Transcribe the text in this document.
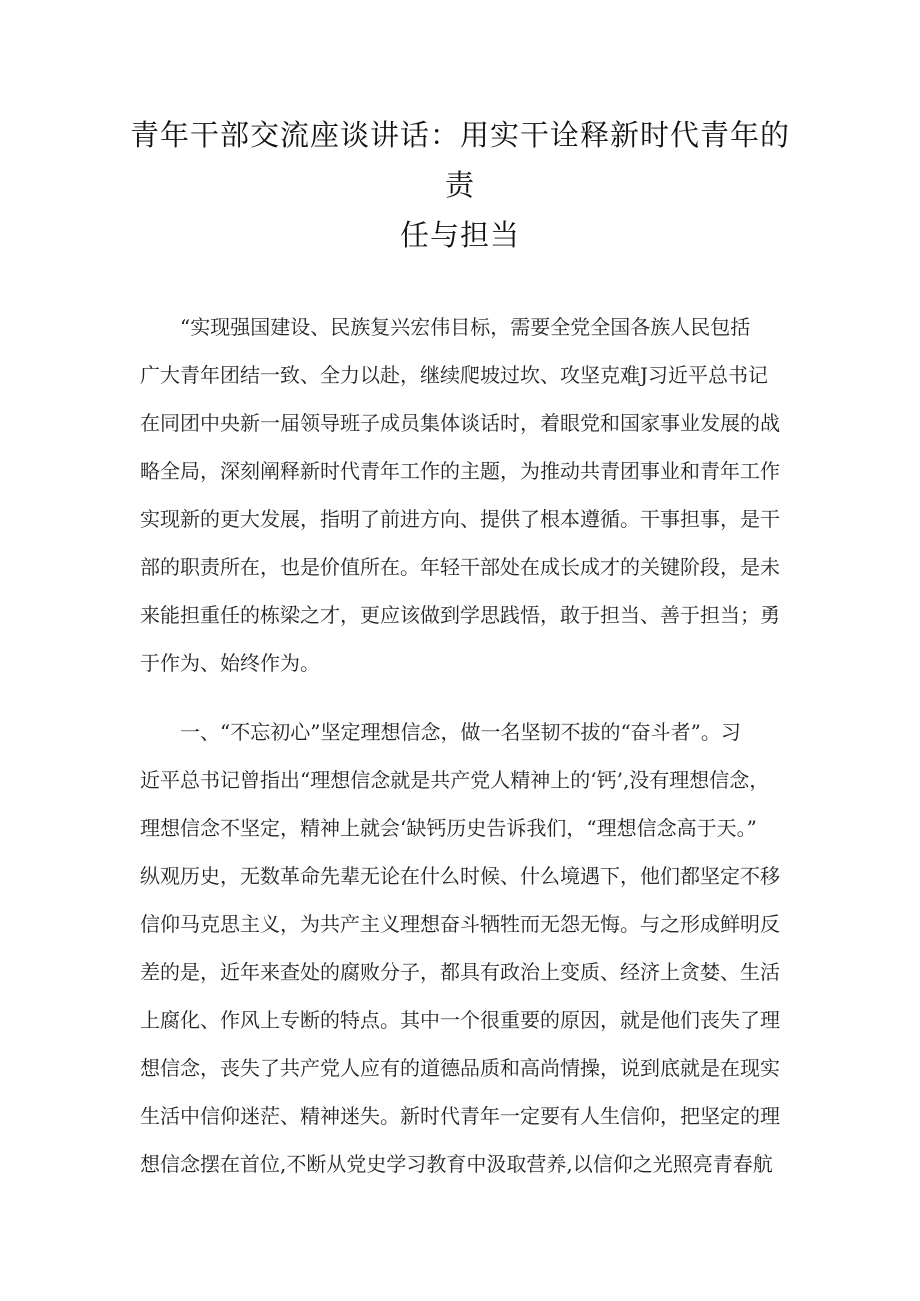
青年干部交流座谈讲话：用实干诠释新时代青年的责
任与担当
“实现强国建设、民族复兴宏伟目标，需要全党全国各族人民包括
广大青年团结一致、全力以赴，继续爬坡过坎、攻坚克难J习近平总书记
在同团中央新一届领导班子成员集体谈话时，着眼党和国家事业发展的战
略全局，深刻阐释新时代青年工作的主题，为推动共青团事业和青年工作
实现新的更大发展，指明了前进方向、提供了根本遵循。干事担事，是干
部的职责所在，也是价值所在。年轻干部处在成长成才的关键阶段，是未
来能担重任的栋梁之才，更应该做到学思践悟，敢于担当、善于担当；勇
于作为、始终作为。
一、“不忘初心”坚定理想信念，做一名坚韧不拔的“奋斗者”。习
近平总书记曾指出“理想信念就是共产党人精神上的‘钙’,没有理想信念，
理想信念不坚定，精神上就会‘缺钙历史告诉我们，“理想信念高于天。”
纵观历史，无数革命先辈无论在什么时候、什么境遇下，他们都坚定不移
信仰马克思主义，为共产主义理想奋斗牺牲而无怨无悔。与之形成鲜明反
差的是，近年来查处的腐败分子，都具有政治上变质、经济上贪婪、生活
上腐化、作风上专断的特点。其中一个很重要的原因，就是他们丧失了理
想信念，丧失了共产党人应有的道德品质和高尚情操，说到底就是在现实
生活中信仰迷茫、精神迷失。新时代青年一定要有人生信仰，把坚定的理
想信念摆在首位,不断从党史学习教育中汲取营养,以信仰之光照亮青春航
